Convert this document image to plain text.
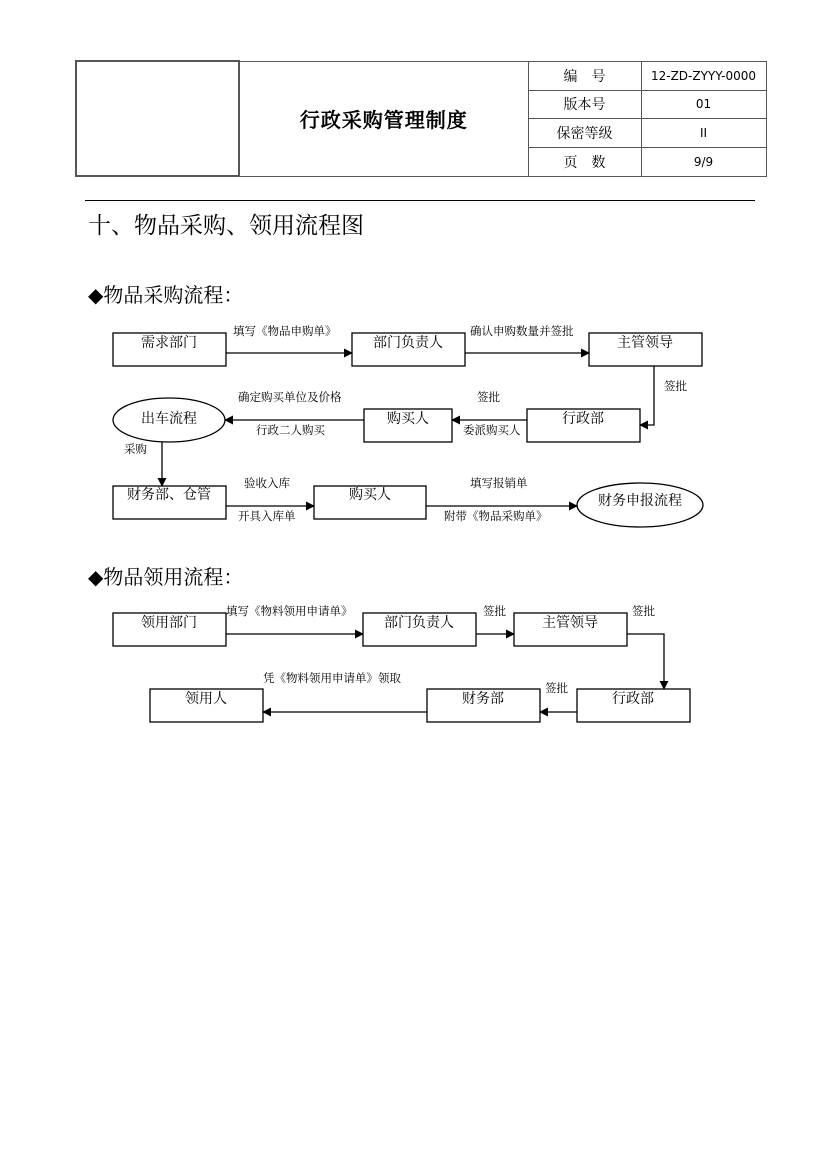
	行政采购管理制度	编　号	12-ZD-ZYYY-0000
		版本号	01
		保密等级	II
		页　数	9/9
十、物品采购、领用流程图
◆物品采购流程：
需求部门	部门负责人	主管领导
行政部
购买人
出车流程
财务部、仓管	购买人	财务申报流程
填写《物品申购单》	确认申购数量并签批
签批
签批
委派购买人
确定购买单位及价格
行政二人购买
采购
验收入库
开具入库单
填写报销单
附带《物品采购单》
◆物品领用流程：
领用部门	部门负责人	主管领导
行政部
财务部
领用人
填写《物料领用申请单》	签批	签批
签批
凭《物料领用申请单》领取
